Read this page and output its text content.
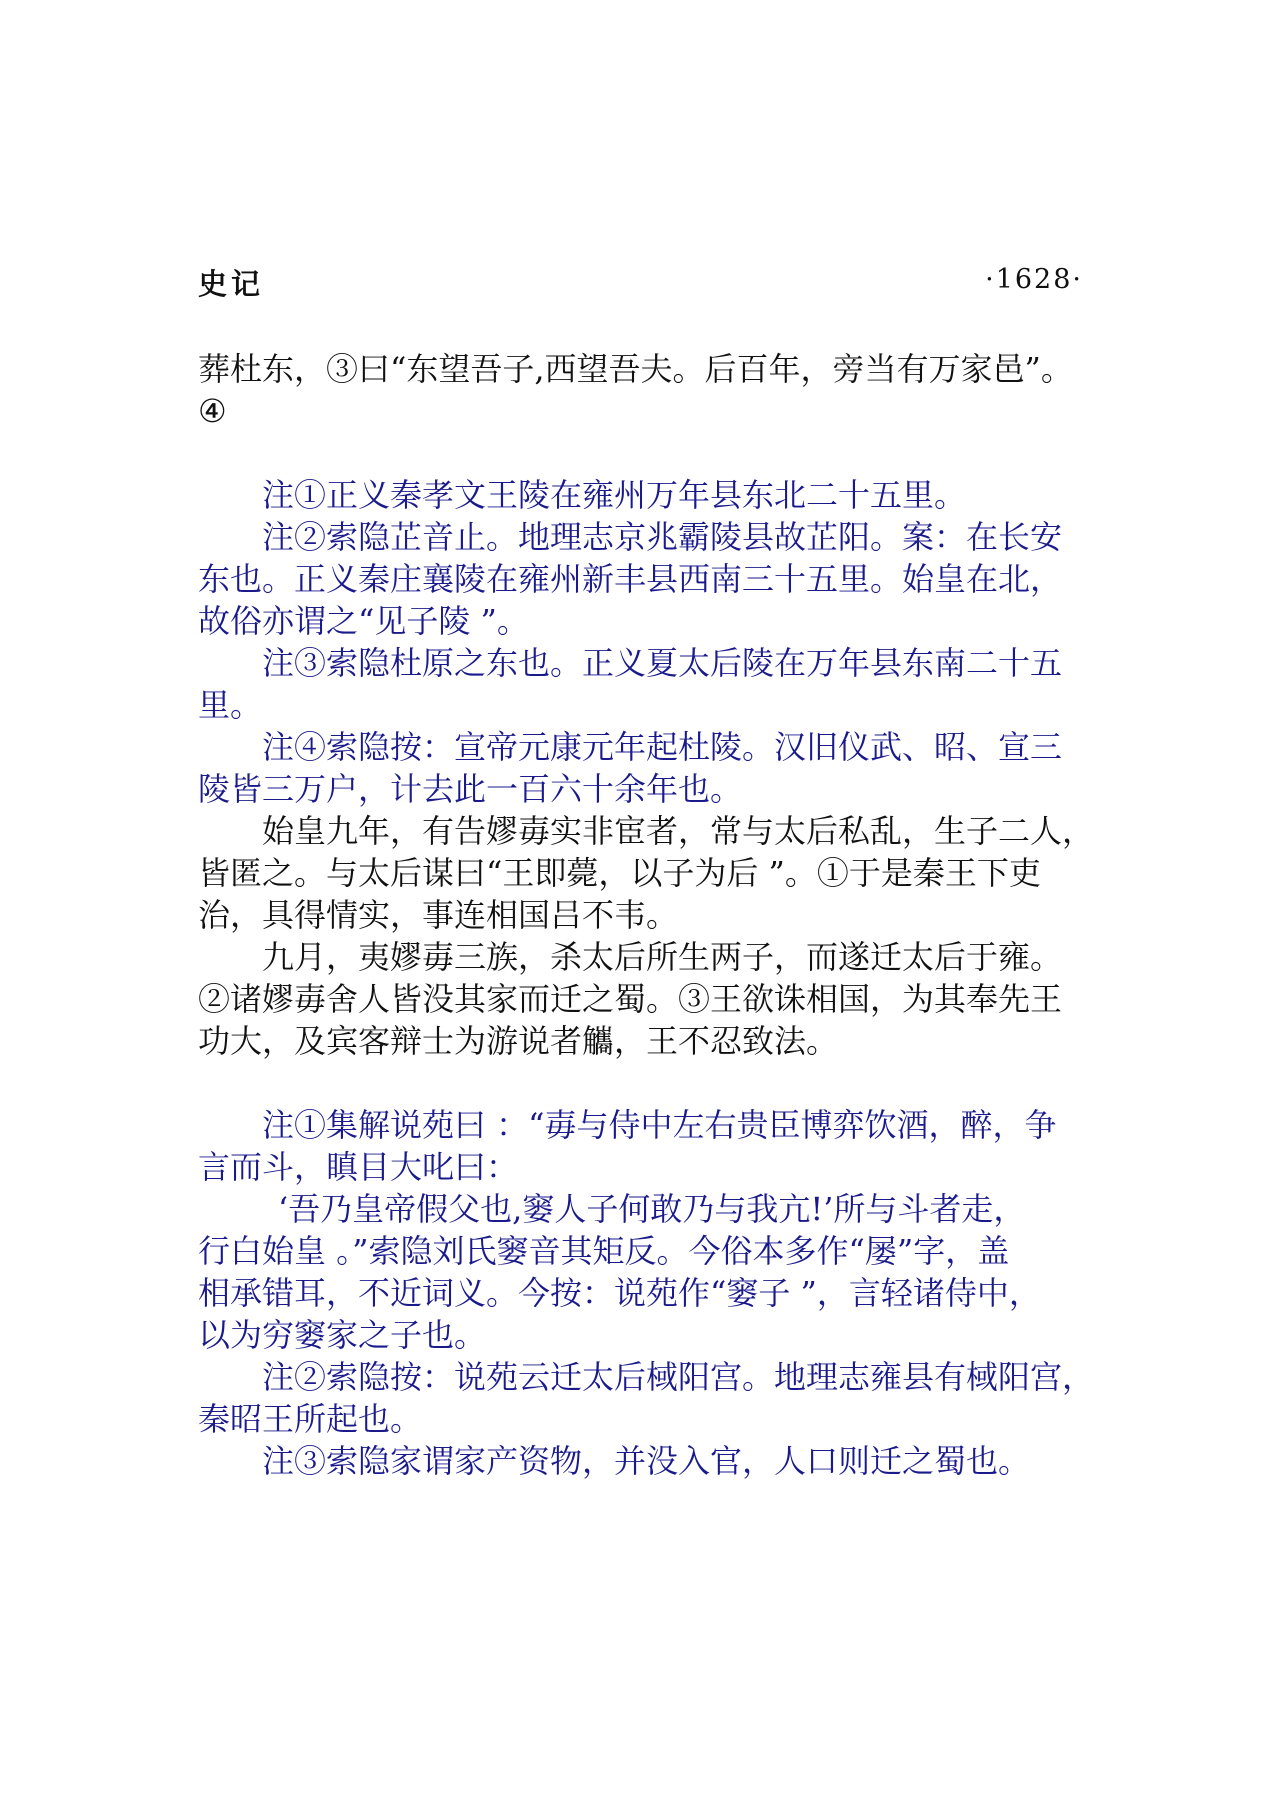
史记	·1628·
葬杜东，③曰“东望吾子,西望吾夫。后百年，旁当有万家邑”。
④
注①正义秦孝文王陵在雍州万年县东北二十五里。
注②索隐芷音止。地理志京兆霸陵县故芷阳。案：在长安
东也。正义秦庄襄陵在雍州新丰县西南三十五里。始皇在北，
故俗亦谓之“见子陵 ”。
注③索隐杜原之东也。正义夏太后陵在万年县东南二十五
里。
注④索隐按：宣帝元康元年起杜陵。汉旧仪武、昭、宣三
陵皆三万户，计去此一百六十余年也。
始皇九年，有告嫪毐实非宦者，常与太后私乱，生子二人，
皆匿之。与太后谋曰“王即薨，以子为后 ”。①于是秦王下吏
治，具得情实，事连相国吕不韦。
九月，夷嫪毐三族，杀太后所生两子，而遂迁太后于雍。
②诸嫪毐舍人皆没其家而迁之蜀。③王欲诛相国，为其奉先王
功大，及宾客辩士为游说者觿，王不忍致法。
注①集解说苑曰 ：“毐与侍中左右贵臣博弈饮酒，醉，争
言而斗，瞋目大叱曰：
‘吾乃皇帝假父也,窭人子何敢乃与我亢!’所与斗者走，
行白始皇 。”索隐刘氏窭音其矩反。今俗本多作“屡”字，盖
相承错耳，不近词义。今按：说苑作“窭子 ”，言轻诸侍中，
以为穷窭家之子也。
注②索隐按：说苑云迁太后棫阳宫。地理志雍县有棫阳宫，
秦昭王所起也。
注③索隐家谓家产资物，并没入官，人口则迁之蜀也。
